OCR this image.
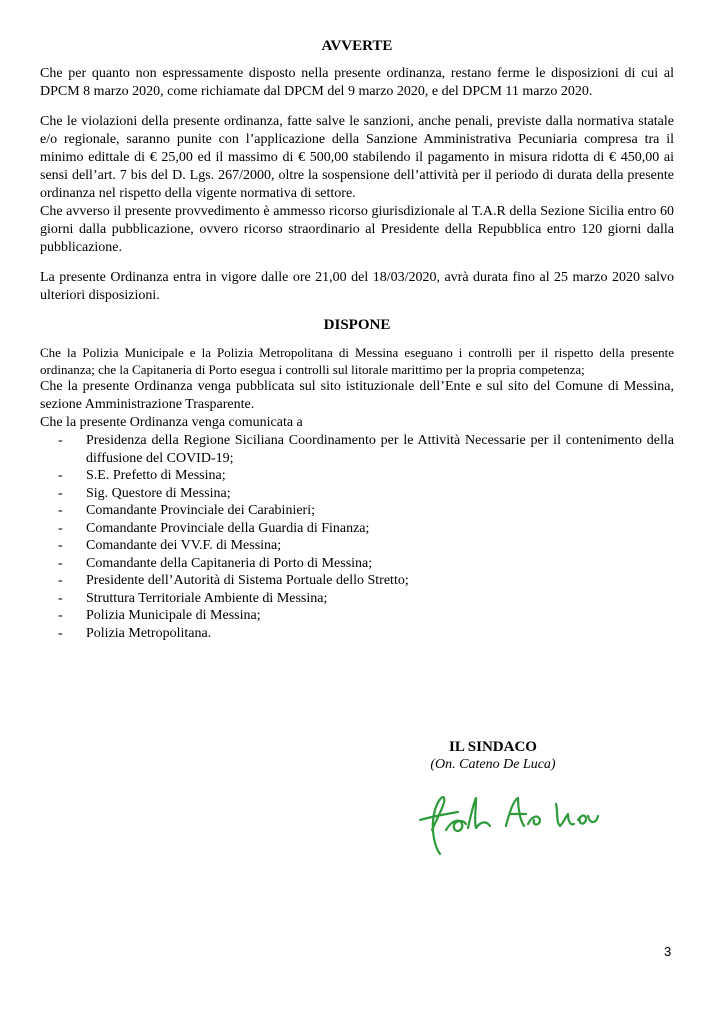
AVVERTE

Che per quanto non espressamente disposto nella presente ordinanza, restano ferme le disposizioni di cui al DPCM 8 marzo 2020, come richiamate dal DPCM del 9 marzo 2020, e del DPCM 11 marzo 2020.

Che le violazioni della presente ordinanza, fatte salve le sanzioni, anche penali, previste dalla normativa statale e/o regionale, saranno punite con l’applicazione della Sanzione Amministrativa Pecuniaria compresa tra il minimo edittale di € 25,00 ed il massimo di € 500,00 stabilendo il pagamento in misura ridotta di € 450,00 ai sensi dell’art. 7 bis del D. Lgs. 267/2000, oltre la sospensione dell’attività per il periodo di durata della presente ordinanza nel rispetto della vigente normativa di settore.

Che avverso il presente provvedimento è ammesso ricorso giurisdizionale al T.A.R della Sezione Sicilia entro 60 giorni dalla pubblicazione, ovvero ricorso straordinario al Presidente della Repubblica entro 120 giorni dalla pubblicazione.

La presente Ordinanza entra in vigore dalle ore 21,00 del 18/03/2020, avrà durata fino al 25 marzo 2020 salvo ulteriori disposizioni.

DISPONE

Che la Polizia Municipale e la Polizia Metropolitana di Messina eseguano i controlli per il rispetto della presente ordinanza; che la Capitaneria di Porto esegua i controlli sul litorale marittimo per la propria competenza;

Che la presente Ordinanza venga pubblicata sul sito istituzionale dell’Ente e sul sito del Comune di Messina, sezione Amministrazione Trasparente.

Che la presente Ordinanza venga comunicata a

- Presidenza della Regione Siciliana Coordinamento per le Attività Necessarie per il contenimento della diffusione del COVID-19;
- S.E. Prefetto di Messina;
- Sig. Questore di Messina;
- Comandante Provinciale dei Carabinieri;
- Comandante Provinciale della Guardia di Finanza;
- Comandante dei VV.F. di Messina;
- Comandante della Capitaneria di Porto di Messina;
- Presidente dell’Autorità di Sistema Portuale dello Stretto;
- Struttura Territoriale Ambiente di Messina;
- Polizia Municipale di Messina;
- Polizia Metropolitana.
IL SINDACO
(On. Cateno De Luca)
3
